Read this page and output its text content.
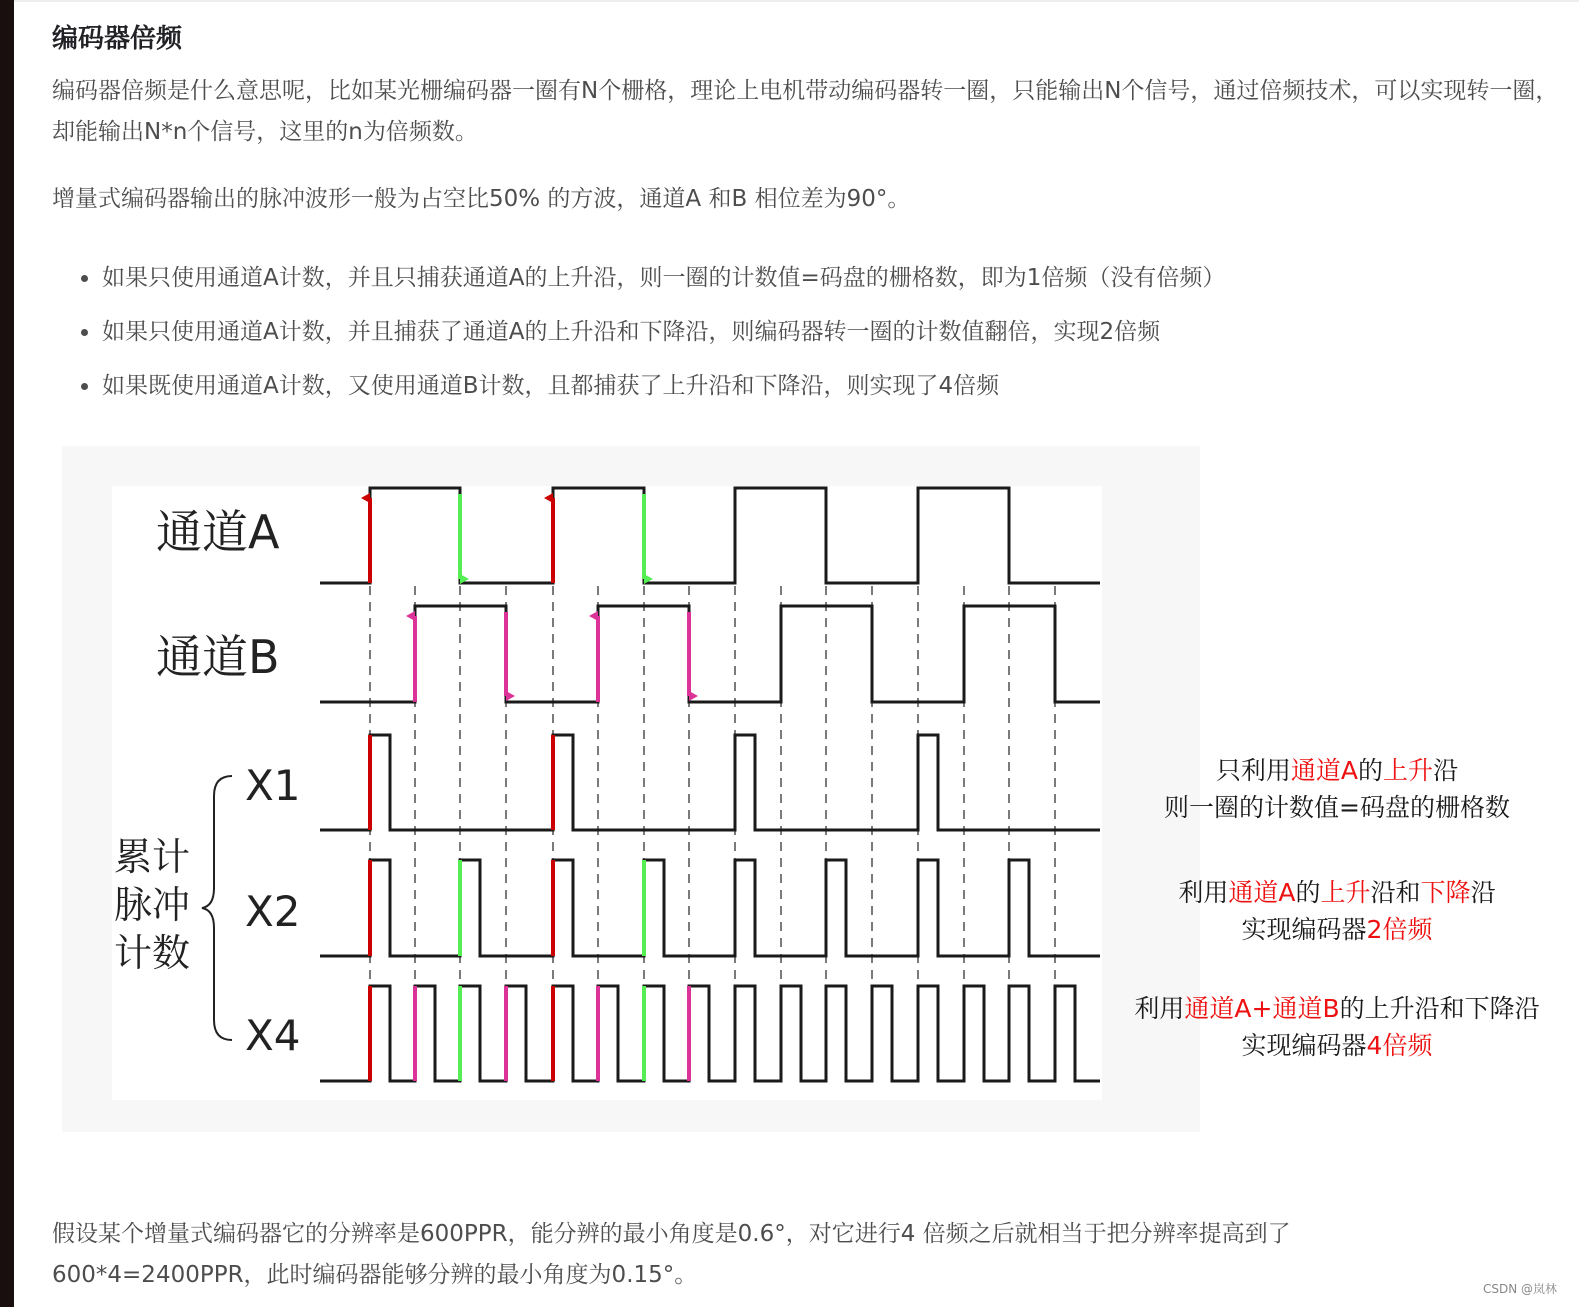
编码器倍频

编码器倍频是什么意思呢，比如某光栅编码器一圈有N个栅格，理论上电机带动编码器转一圈，只能输出N个信号，通过倍频技术，可以实现转一圈，却能输出N*n个信号，这里的n为倍频数。

增量式编码器输出的脉冲波形一般为占空比50% 的方波，通道A 和B 相位差为90°。

如果只使用通道A计数，并且只捕获通道A的上升沿，则一圈的计数值=码盘的栅格数，即为1倍频（没有倍频）
如果只使用通道A计数，并且捕获了通道A的上升沿和下降沿，则编码器转一圈的计数值翻倍，实现2倍频
如果既使用通道A计数，又使用通道B计数，且都捕获了上升沿和下降沿，则实现了4倍频

假设某个增量式编码器它的分辨率是600PPR，能分辨的最小角度是0.6°，对它进行4 倍频之后就相当于把分辨率提高到了600*4=2400PPR，此时编码器能够分辨的最小角度为0.15°。

通道A
通道B
X1
X2
X4
累计
脉冲
计数
只利用通道A的上升沿
则一圈的计数值=码盘的栅格数
利用通道A的上升沿和下降沿
实现编码器2倍频
利用通道A+通道B的上升沿和下降沿
实现编码器4倍频
CSDN @岚林
